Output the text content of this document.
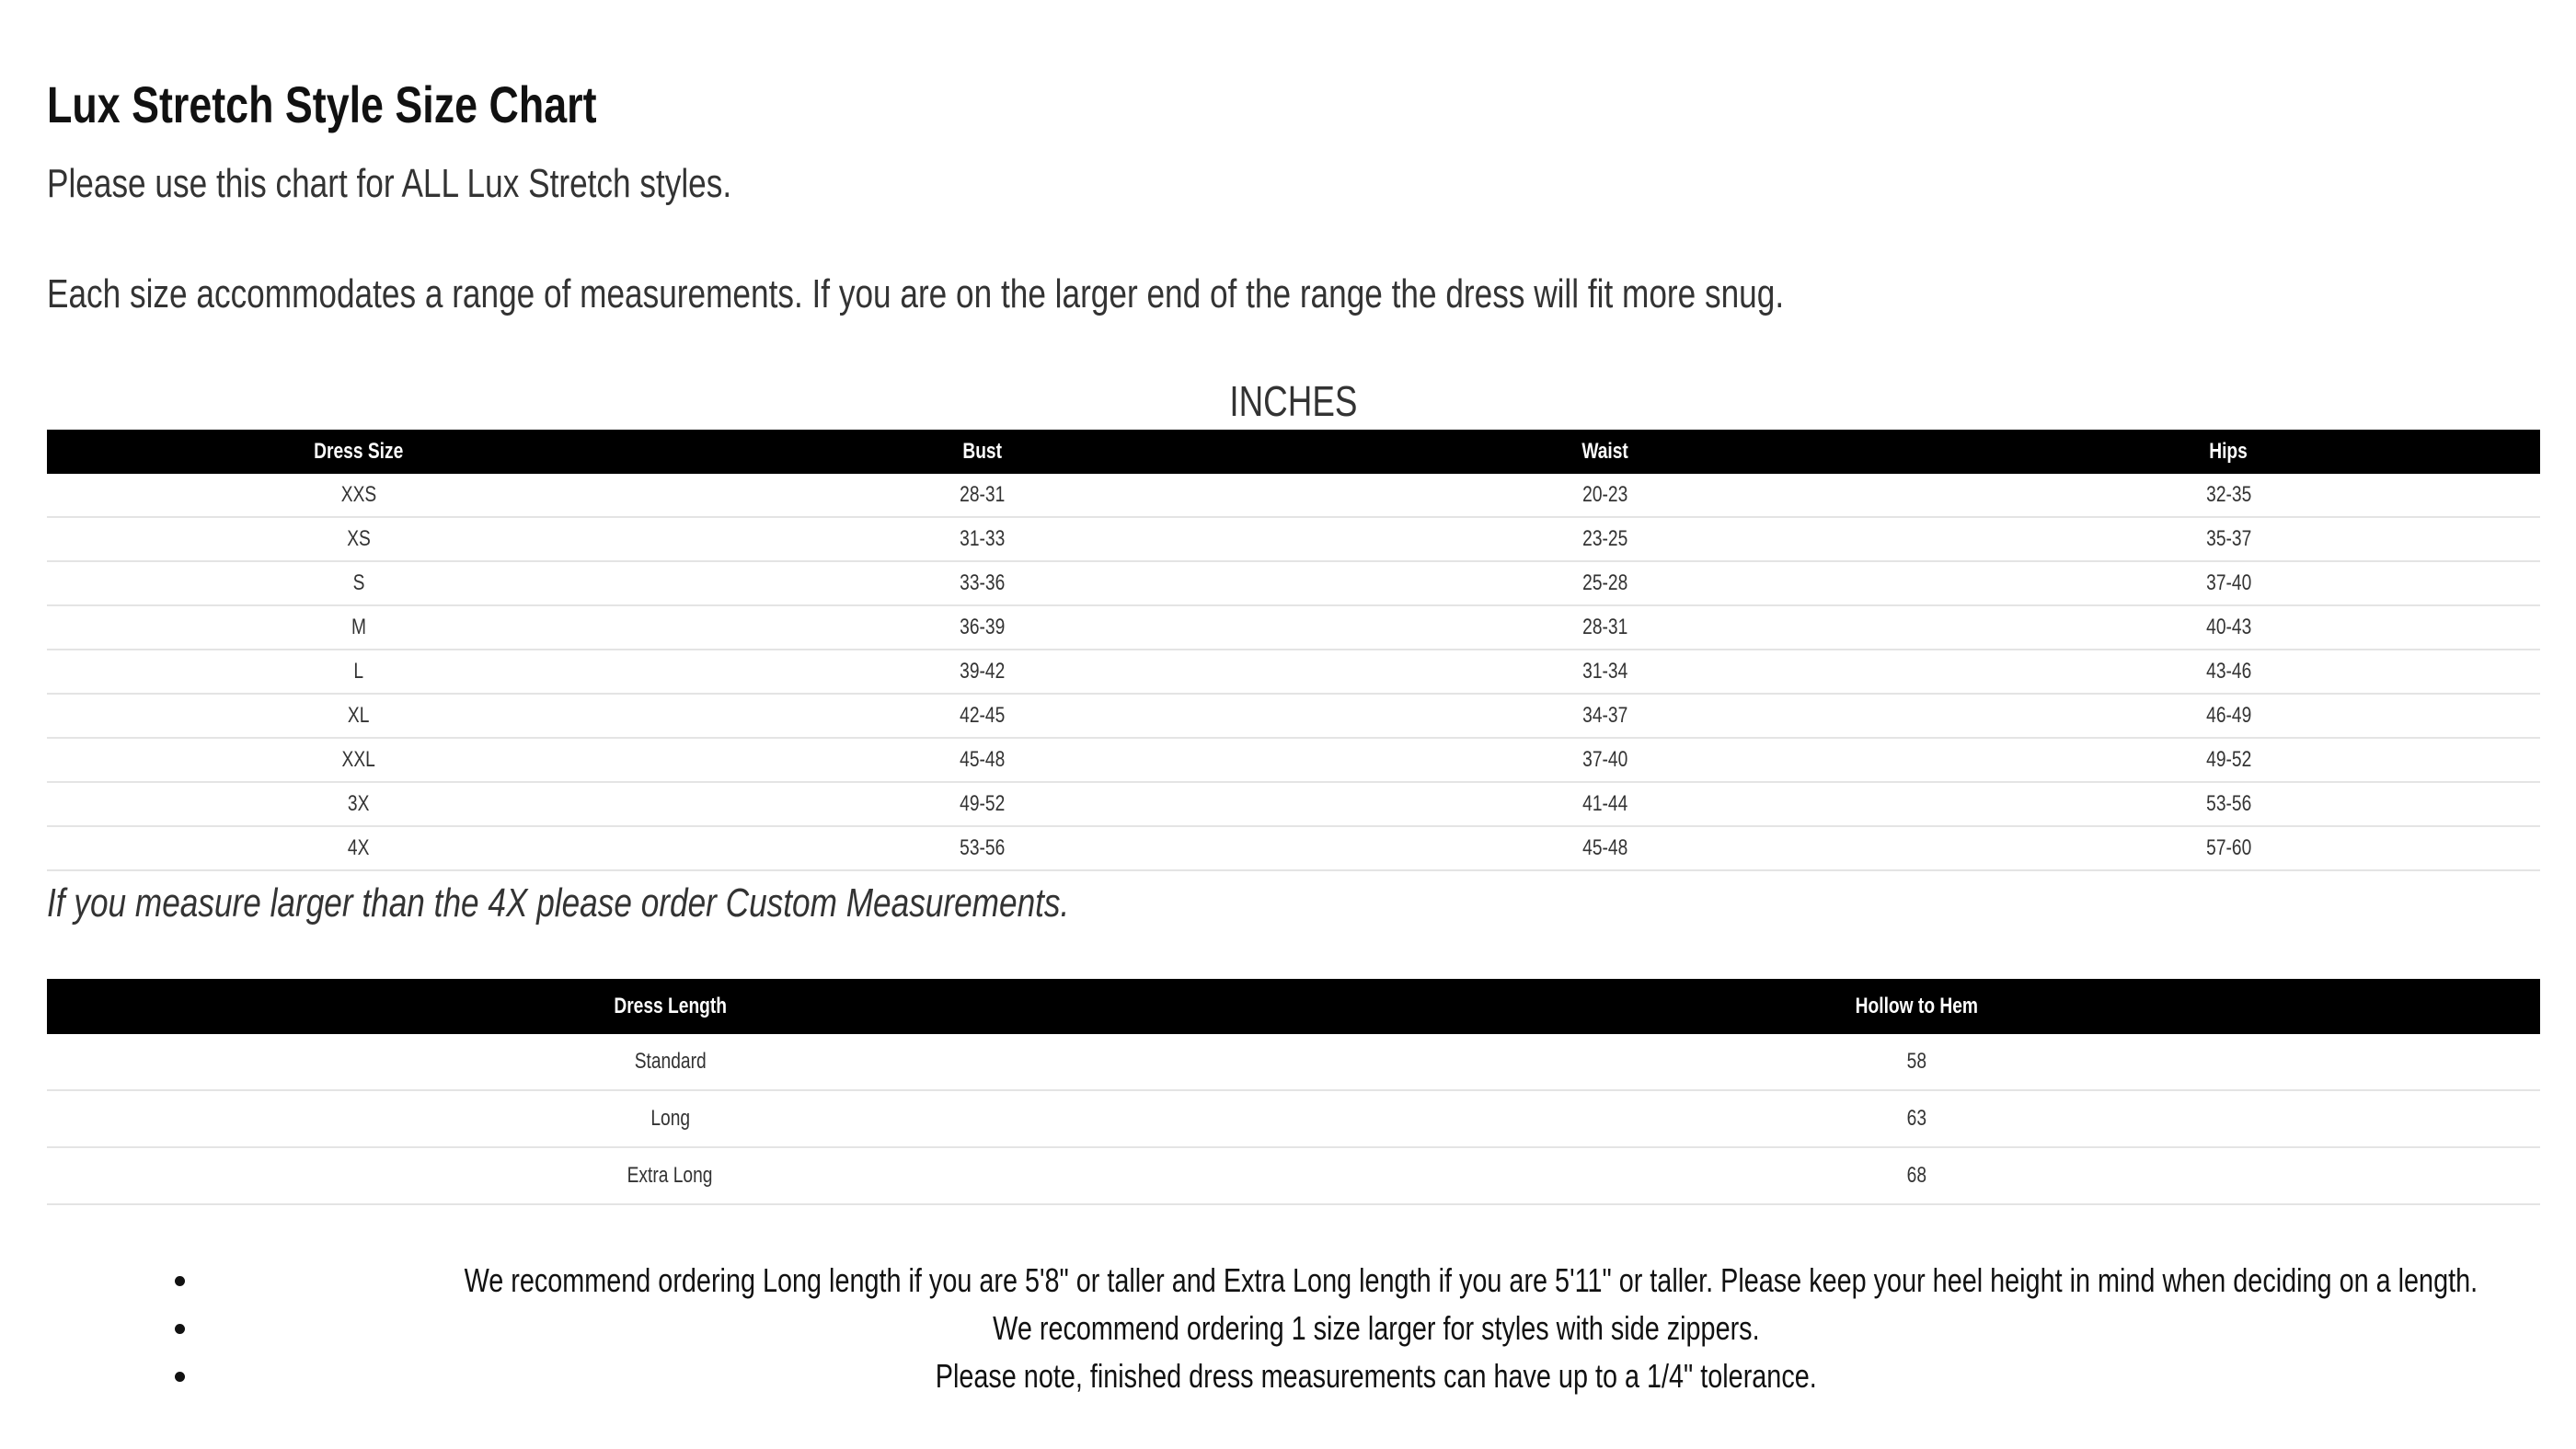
Lux Stretch Style Size Chart

Please use this chart for ALL Lux Stretch styles.

Each size accommodates a range of measurements. If you are on the larger end of the range the dress will fit more snug.

INCHES
Dress Size	Bust	Waist	Hips
XXS	28-31	20-23	32-35
XS	31-33	23-25	35-37
S	33-36	25-28	37-40
M	36-39	28-31	40-43
L	39-42	31-34	43-46
XL	42-45	34-37	46-49
XXL	45-48	37-40	49-52
3X	49-52	41-44	53-56
4X	53-56	45-48	57-60

If you measure larger than the 4X please order Custom Measurements.

Dress Length	Hollow to Hem
Standard	58
Long	63
Extra Long	68
We recommend ordering Long length if you are 5'8" or taller and Extra Long length if you are 5'11" or taller. Please keep your heel height in mind when deciding on a length.
We recommend ordering 1 size larger for styles with side zippers.
Please note, finished dress measurements can have up to a 1/4" tolerance.
